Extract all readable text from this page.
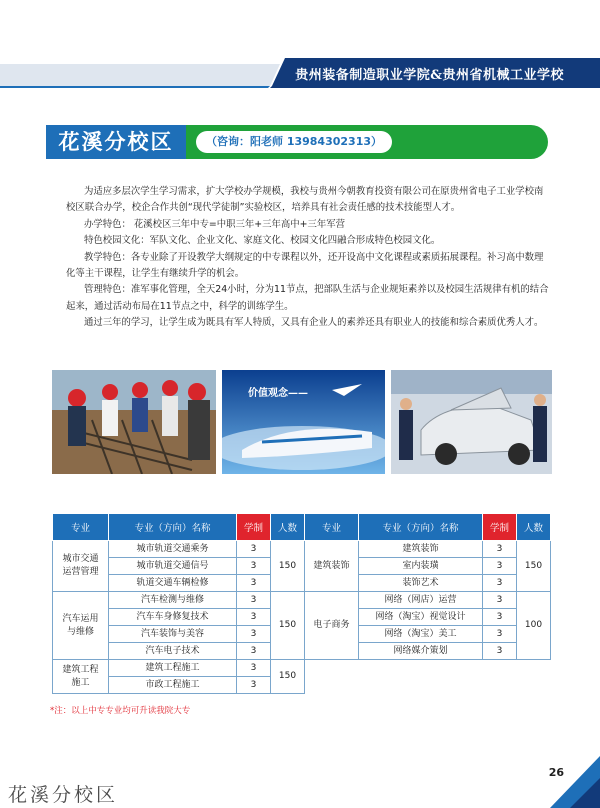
贵州装备制造职业学院&贵州省机械工业学校
花溪分校区	（咨询：阳老师 13984302313）

为适应多层次学生学习需求，扩大学校办学规模，我校与贵州今朝教育投资有限公司在原贵州省电子工业学校南校区联合办学，校企合作共创“现代学徒制”实验校区，培养具有社会责任感的技术技能型人才。

办学特色： 花溪校区三年中专=中职三年+三年高中+三年军营

特色校园文化：军队文化、企业文化、家庭文化、校园文化四融合形成特色校园文化。

教学特色：各专业除了开设教学大纲规定的中专课程以外，还开设高中文化课程或素质拓展课程。补习高中数理化等主干课程，让学生有继续升学的机会。

管理特色：准军事化管理，全天24小时，分为11节点，把部队生活与企业规矩素养以及校园生活规律有机的结合起来，通过活动布局在11节点之中，科学的训练学生。

通过三年的学习，让学生成为既具有军人特质，又具有企业人的素养还具有职业人的技能和综合素质优秀人才。

价值观念——
专业	专业（方向）名称	学制	人数	专业	专业（方向）名称	学制	人数
城市交通
运营管理	城市轨道交通乘务	3	150	建筑装饰	建筑装饰	3	150
	城市轨道交通信号	3			室内装璜	3	
	轨道交通车辆检修	3			装饰艺术	3	
汽车运用
与维修	汽车检测与维修	3	150	电子商务	网络（网店）运营	3	100
	汽车车身修复技术	3			网络（淘宝）视觉设计	3	
	汽车装饰与美容	3			网络（淘宝）美工	3	
	汽车电子技术	3			网络媒介策划	3	
建筑工程
施工	建筑工程施工	3	150				
	市政工程施工	3					
*注：以上中专专业均可升读我院大专
26
花溪分校区
